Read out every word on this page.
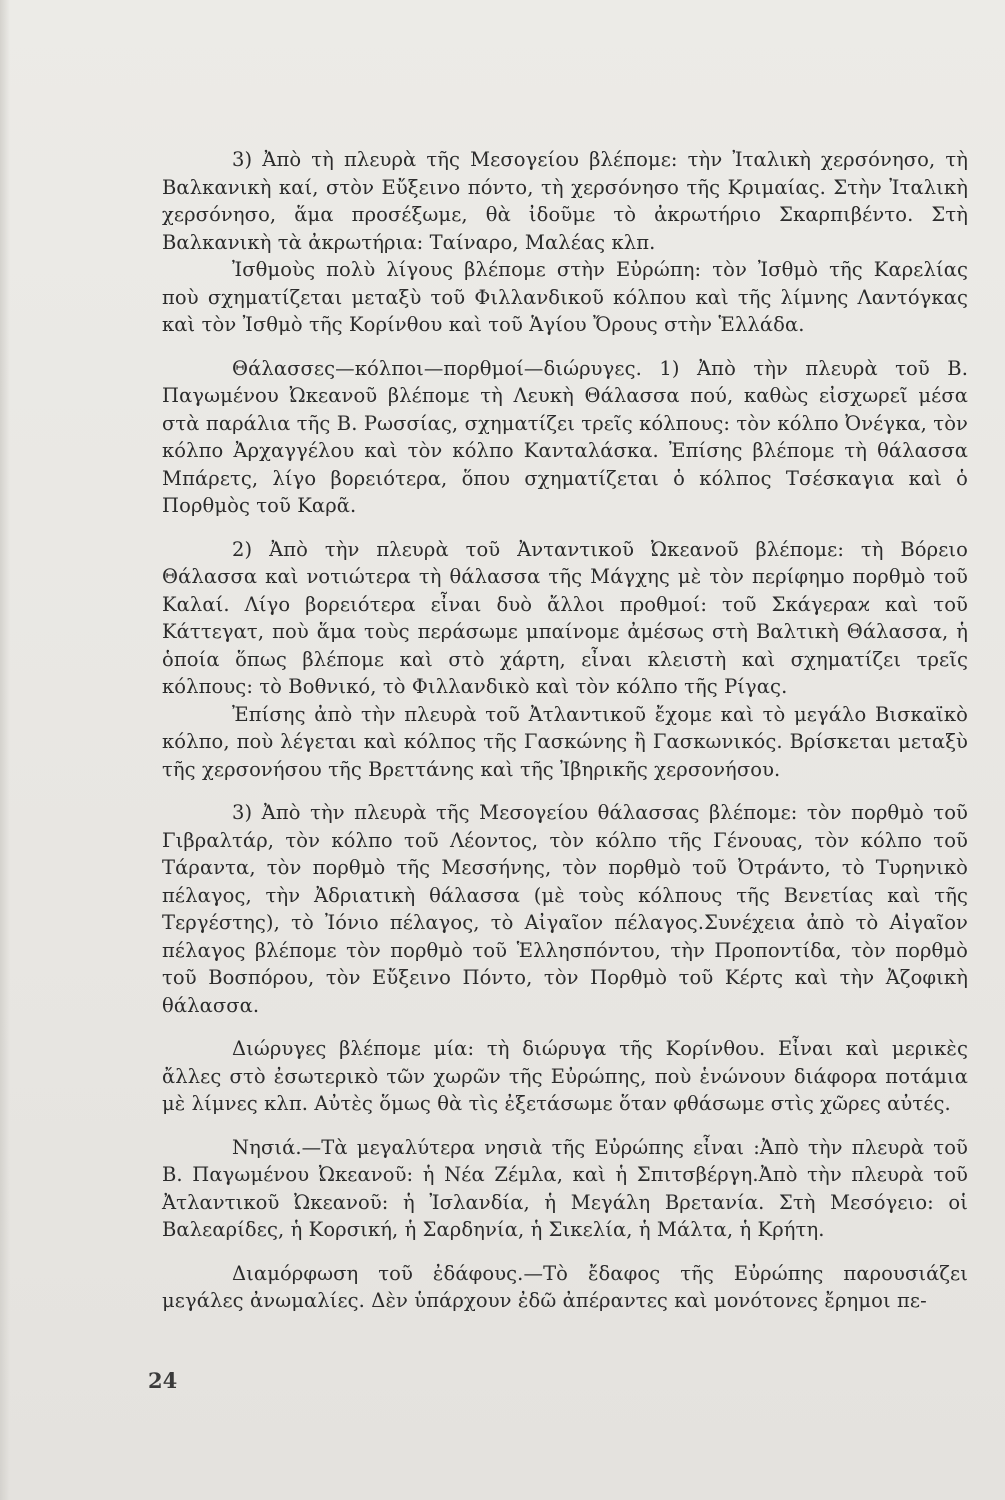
3) Ἀπὸ τὴ πλευρὰ τῆς Μεσογείου βλέπομε: τὴν Ἰταλικὴ χερσόνησο, τὴ Βαλκανικὴ καί, στὸν Εὔξεινο πόντο, τὴ χερσόνησο τῆς Κριμαίας. Στὴν Ἰταλικὴ χερσόνησο, ἅμα προσέξωμε, θὰ ἰδοῦμε τὸ ἀκρωτήριο Σκαρπιβέντο. Στὴ Βαλκανικὴ τὰ ἀκρωτήρια: Ταίναρο, Μαλέας κλπ.

Ἰσθμοὺς πολὺ λίγους βλέπομε στὴν Εὐρώπη: τὸν Ἰσθμὸ τῆς Καρελίας ποὺ σχηματίζεται μεταξὺ τοῦ Φιλλανδικοῦ κόλπου καὶ τῆς λίμνης Λαντόγκας καὶ τὸν Ἰσθμὸ τῆς Κορίνθου καὶ τοῦ Ἁγίου Ὄρους στὴν Ἑλλάδα.

Θάλασσες—κόλποι—πορθμοί—διώρυγες. 1) Ἀπὸ τὴν πλευρὰ τοῦ Β. Παγωμένου Ὠκεανοῦ βλέπομε τὴ Λευκὴ Θάλασσα πού, καθὼς εἰσχωρεῖ μέσα στὰ παράλια τῆς Β. Ρωσσίας, σχηματίζει τρεῖς κόλπους: τὸν κόλπο Ὀνέγκα, τὸν κόλπο Ἀρχαγγέλου καὶ τὸν κόλπο Κανταλάσκα. Ἐπίσης βλέπομε τὴ θάλασσα Μπάρετς, λίγο βορειότερα, ὅπου σχηματίζεται ὁ κόλπος Τσέσκαγια καὶ ὁ Πορθμὸς τοῦ Καρᾶ.

2) Ἀπὸ τὴν πλευρὰ τοῦ Ἀνταντικοῦ Ὠκεανοῦ βλέπομε: τὴ Βόρειο Θάλασσα καὶ νοτιώτερα τὴ θάλασσα τῆς Μάγχης μὲ τὸν περίφημο πορθμὸ τοῦ Καλαί. Λίγο βορειότερα εἶναι δυὸ ἄλλοι προθμοί: τοῦ Σκάγεραϰ καὶ τοῦ Κάττεγατ, ποὺ ἅμα τοὺς περάσωμε μπαίνομε ἀμέσως στὴ Βαλτικὴ Θάλασσα, ἡ ὁποία ὅπως βλέπομε καὶ στὸ χάρτη, εἶναι κλειστὴ καὶ σχηματίζει τρεῖς κόλπους: τὸ Βοθνικό, τὸ Φιλλανδικὸ καὶ τὸν κόλπο τῆς Ρίγας.

Ἐπίσης ἀπὸ τὴν πλευρὰ τοῦ Ἀτλαντικοῦ ἔχομε καὶ τὸ μεγάλο Βισκαϊκὸ κόλπο, ποὺ λέγεται καὶ κόλπος τῆς Γασκώνης ἢ Γασκωνικός. Βρίσκεται μεταξὺ τῆς χερσονήσου τῆς Βρεττάνης καὶ τῆς Ἰβηρικῆς χερσονήσου.

3) Ἀπὸ τὴν πλευρὰ τῆς Μεσογείου θάλασσας βλέπομε: τὸν πορθμὸ τοῦ Γιβραλτάρ, τὸν κόλπο τοῦ Λέοντος, τὸν κόλπο τῆς Γένουας, τὸν κόλπο τοῦ Τάραντα, τὸν πορθμὸ τῆς Μεσσήνης, τὸν πορθμὸ τοῦ Ὀτράντο, τὸ Τυρηνικὸ πέλαγος, τὴν Ἀδριατικὴ θάλασσα (μὲ τοὺς κόλπους τῆς Βενετίας καὶ τῆς Τεργέστης), τὸ Ἰόνιο πέλαγος, τὸ Αἰγαῖον πέλαγος.Συνέχεια ἀπὸ τὸ Αἰγαῖον πέλαγος βλέπομε τὸν πορθμὸ τοῦ Ἑλλησπόντου, τὴν Προποντίδα, τὸν πορθμὸ τοῦ Βοσπόρου, τὸν Εὔξεινο Πόντο, τὸν Πορθμὸ τοῦ Κέρτς καὶ τὴν Ἀζοφικὴ θάλασσα.

Διώρυγες βλέπομε μία: τὴ διώρυγα τῆς Κορίνθου. Εἶναι καὶ μερικὲς ἄλλες στὸ ἐσωτερικὸ τῶν χωρῶν τῆς Εὐρώπης, ποὺ ἑνώνουν διάφορα ποτάμια μὲ λίμνες κλπ. Αὐτὲς ὅμως θὰ τὶς ἐξετάσωμε ὅταν φθάσωμε στὶς χῶρες αὐτές.

Νησιά.—Τὰ μεγαλύτερα νησιὰ τῆς Εὐρώπης εἶναι :Ἀπὸ τὴν πλευρὰ τοῦ Β. Παγωμένου Ὠκεανοῦ: ἡ Νέα Ζέμλα, καὶ ἡ Σπιτσβέργη.Ἀπὸ τὴν πλευρὰ τοῦ Ἀτλαντικοῦ Ὠκεανοῦ: ἡ Ἰσλανδία, ἡ Μεγάλη Βρετανία. Στὴ Μεσόγειο: οἱ Βαλεαρίδες, ἡ Κορσική, ἡ Σαρδηνία, ἡ Σικελία, ἡ Μάλτα, ἡ Κρήτη.

Διαμόρφωση τοῦ ἐδάφους.—Τὸ ἔδαφος τῆς Εὐρώπης παρουσιάζει μεγάλες ἀνωμαλίες. Δὲν ὑπάρχουν ἐδῶ ἀπέραντες καὶ μονότονες ἔρημοι πε-

24
